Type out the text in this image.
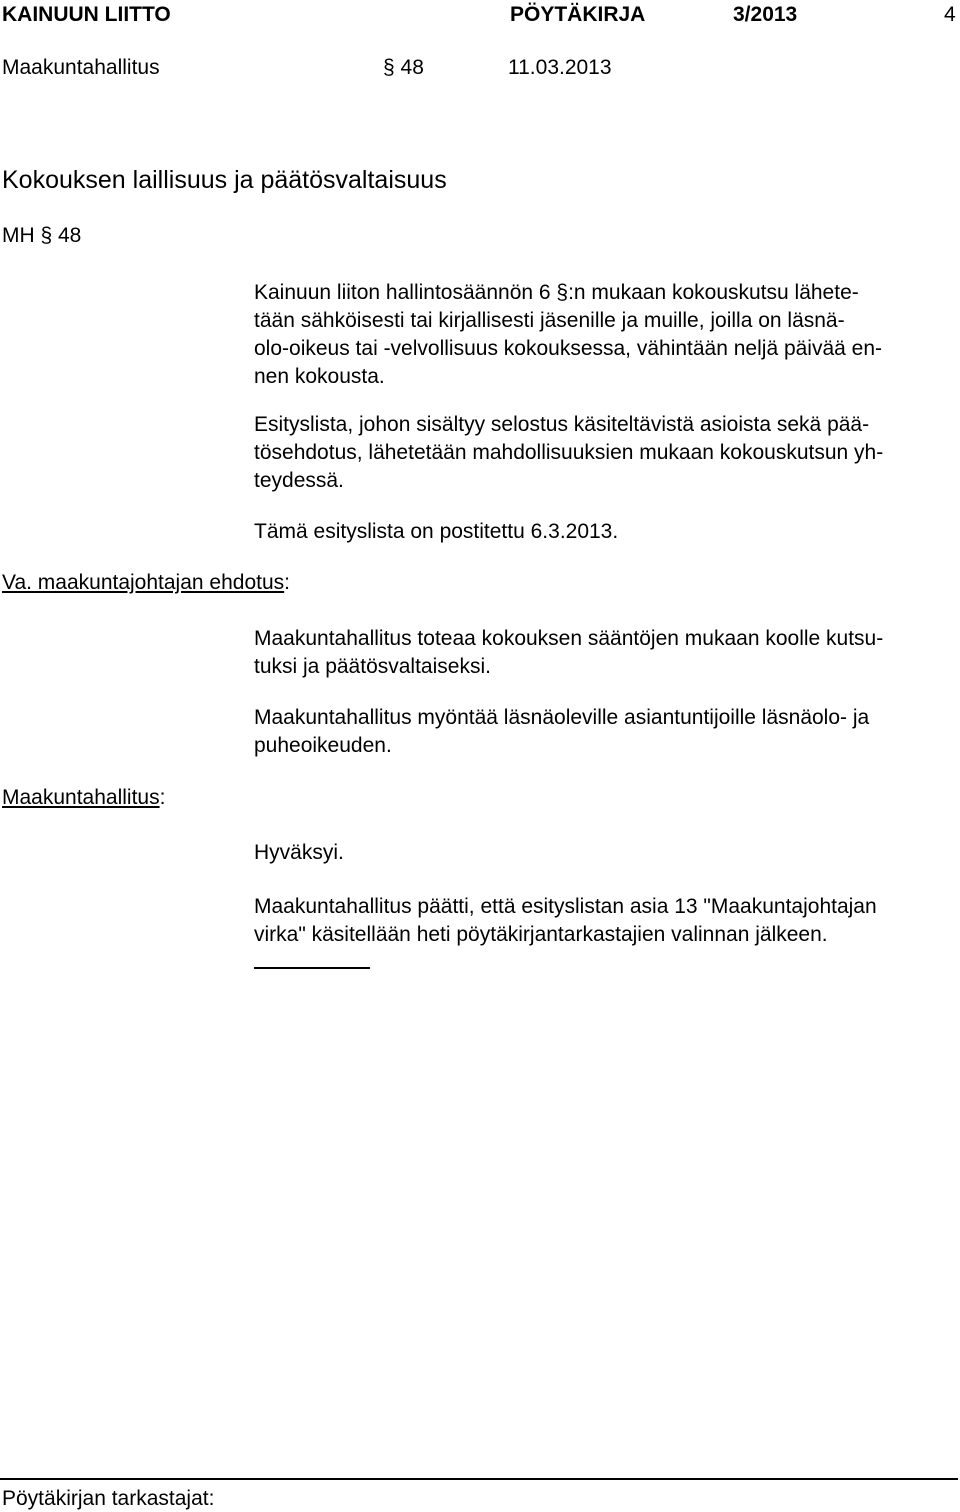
KAINUUN LIITTO	PÖYTÄKIRJA	3/2013	4
Maakuntahallitus	§ 48	11.03.2013
Kokouksen laillisuus ja päätösvaltaisuus
MH § 48
Kainuun liiton hallintosäännön 6 §:n mukaan kokouskutsu lähete-
tään sähköisesti tai kirjallisesti jäsenille ja muille, joilla on läsnä-
olo-oikeus tai -velvollisuus kokouksessa, vähintään neljä päivää en-
nen kokousta.
Esityslista, johon sisältyy selostus käsiteltävistä asioista sekä pää-
tösehdotus, lähetetään mahdollisuuksien mukaan kokouskutsun yh-
teydessä.
Tämä esityslista on postitettu 6.3.2013.
Va. maakuntajohtajan ehdotus:
Maakuntahallitus toteaa kokouksen sääntöjen mukaan koolle kutsu-
tuksi ja päätösvaltaiseksi.
Maakuntahallitus myöntää läsnäoleville asiantuntijoille läsnäolo- ja
puheoikeuden.
Maakuntahallitus:
Hyväksyi.
Maakuntahallitus päätti, että esityslistan asia 13 "Maakuntajohtajan
virka" käsitellään heti pöytäkirjantarkastajien valinnan jälkeen.
Pöytäkirjan tarkastajat:
